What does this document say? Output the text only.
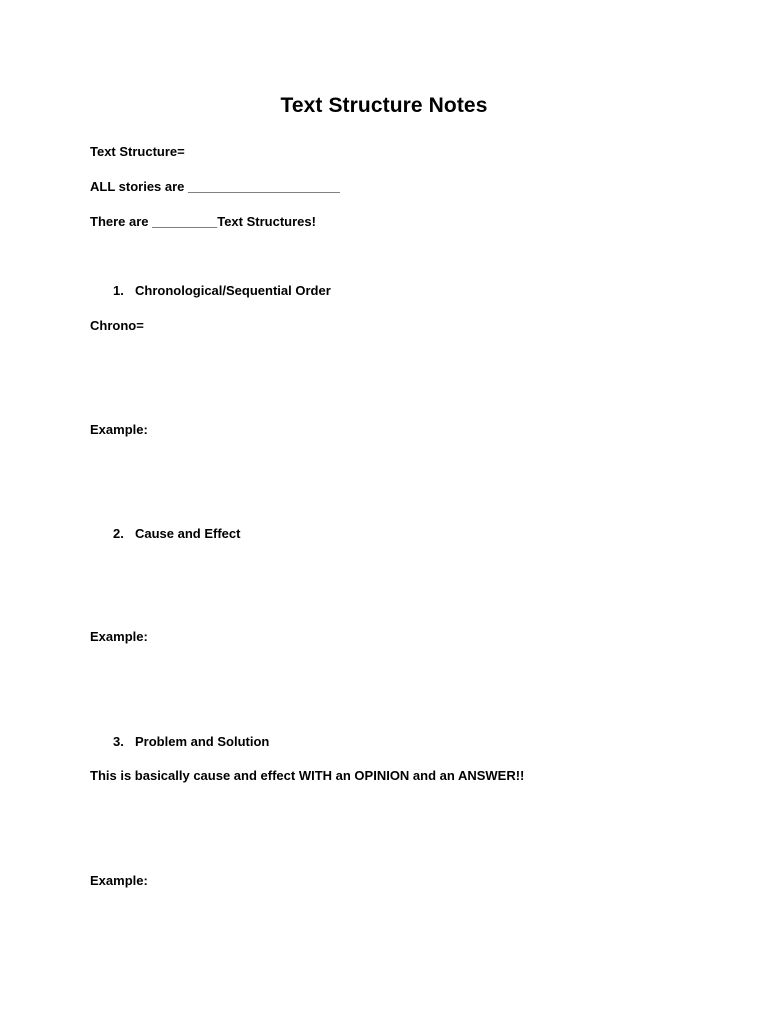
Text Structure Notes
Text Structure=
ALL stories are _____________________
There are _________Text Structures!
1. Chronological/Sequential Order
Chrono=
Example:
2. Cause and Effect
Example:
3. Problem and Solution
This is basically cause and effect WITH an OPINION and an ANSWER!!
Example:
